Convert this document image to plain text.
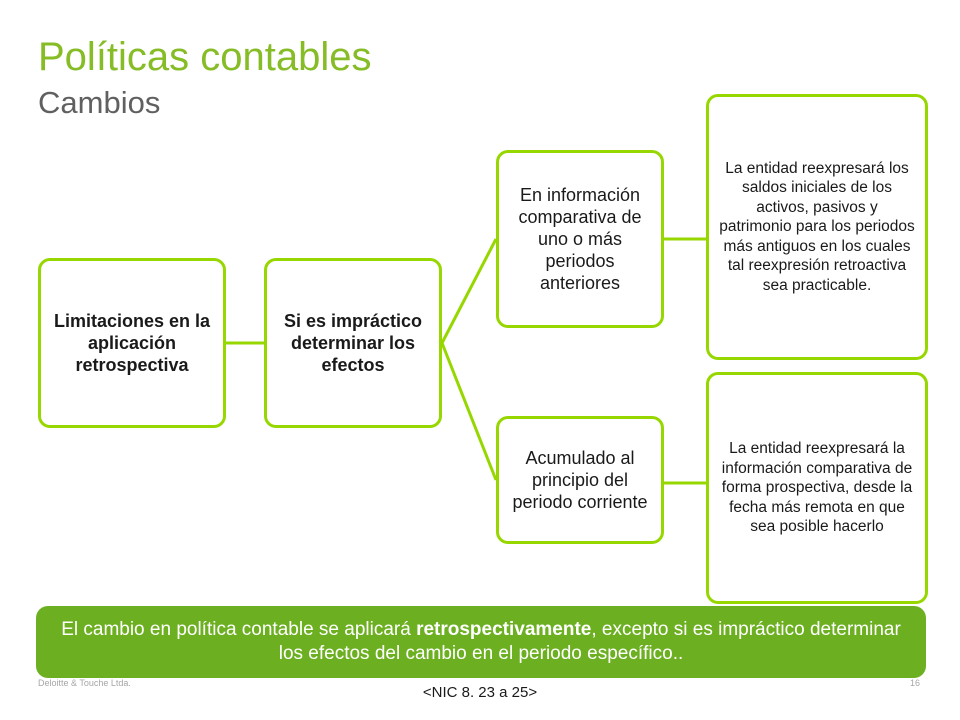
Políticas contables
Cambios
Limitaciones en la aplicación retrospectiva
Si es impráctico determinar los efectos
En información comparativa de uno o más periodos anteriores
Acumulado al principio del periodo corriente
La entidad reexpresará los saldos iniciales de los activos, pasivos y patrimonio para los periodos más antiguos en los cuales tal reexpresión retroactiva sea practicable.
La entidad reexpresará la información comparativa de forma prospectiva, desde la fecha más remota en que sea posible hacerlo
El cambio en política contable se aplicará retrospectivamente, excepto si es impráctico determinar los efectos del cambio en el periodo específico..
Deloitte & Touche Ltda.
<NIC 8. 23 a 25>
16
